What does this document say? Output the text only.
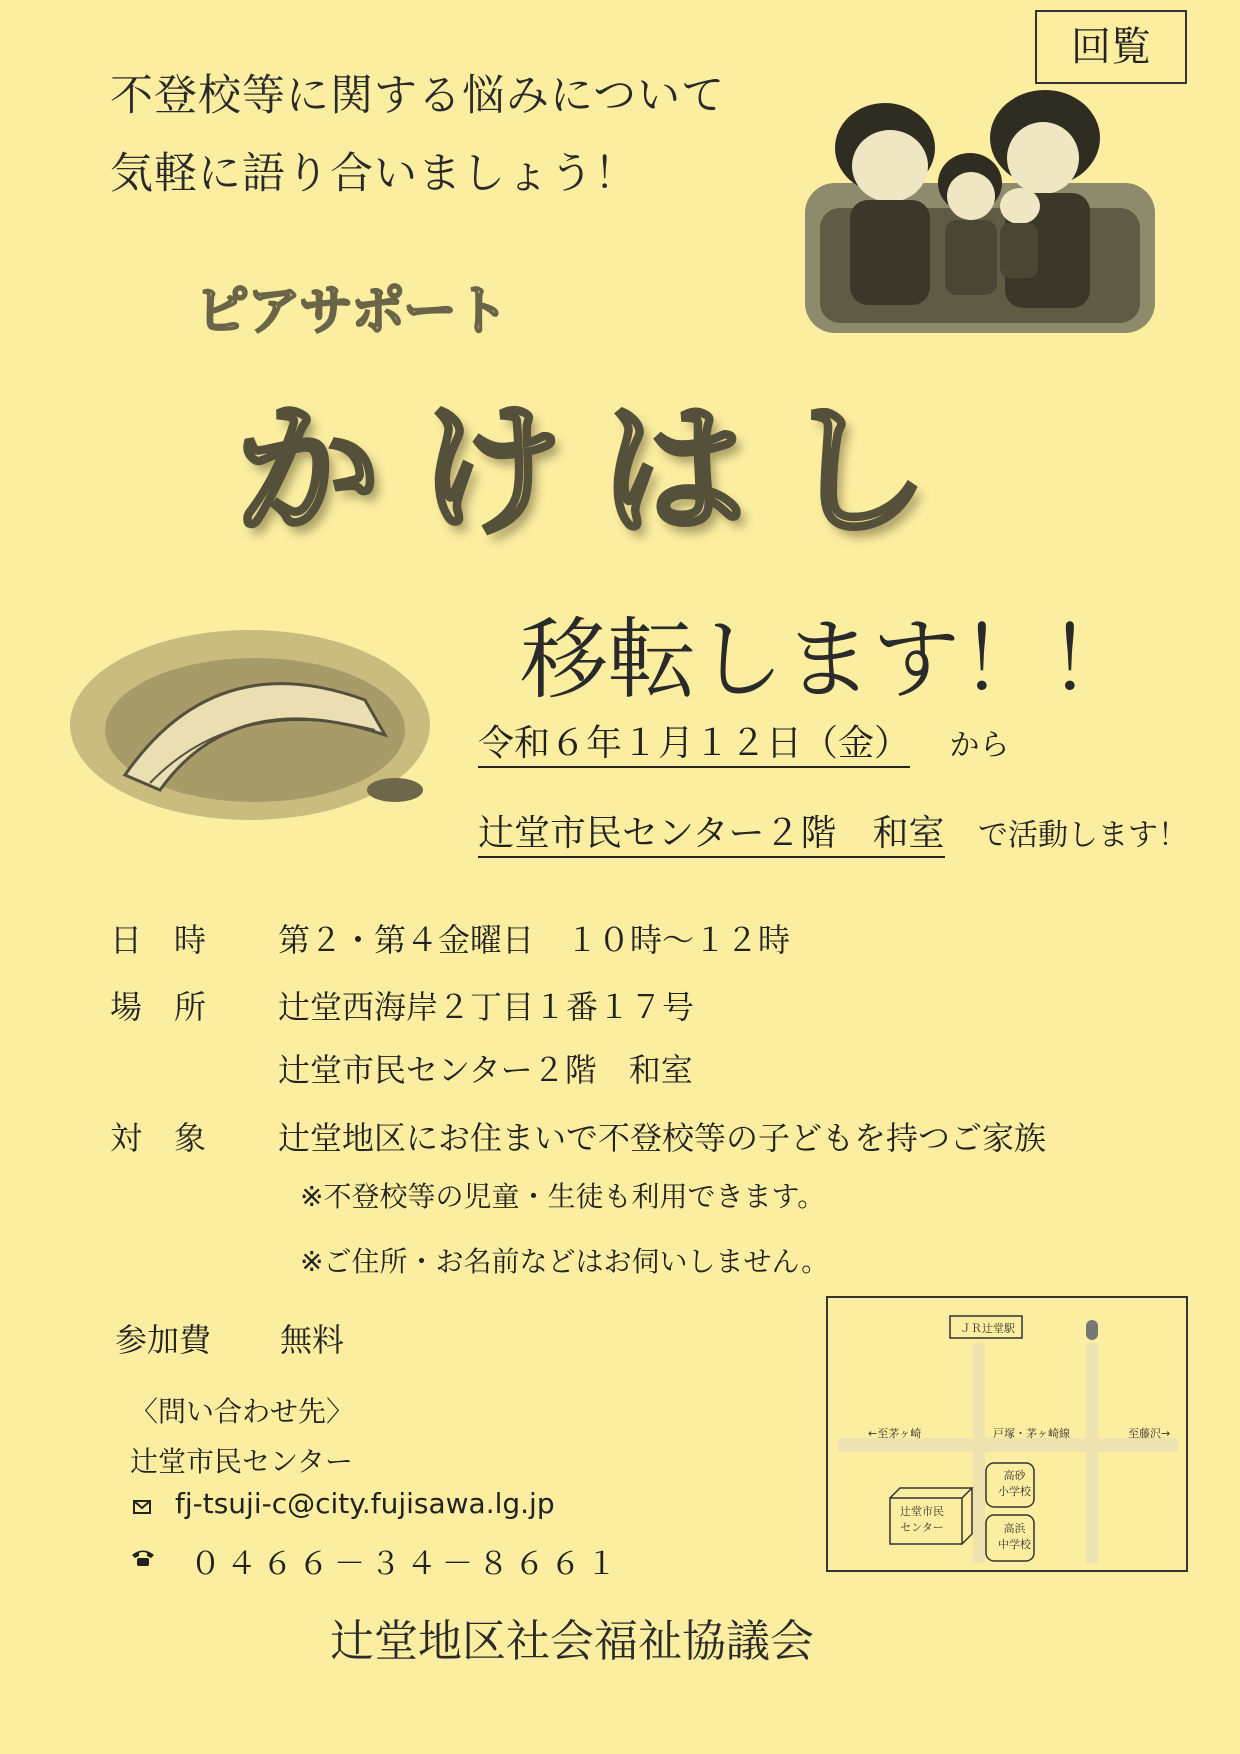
回覧
不登校等に関する悩みについて
気軽に語り合いましょう！
ピアサポート
かけはし
移転します！！
令和６年１月１２日（金） から
辻堂市民センター２階　和室 で活動します！
日　時 第２・第４金曜日　１０時～１２時
場　所 辻堂西海岸２丁目１番１７号
辻堂市民センター２階　和室
対　象 辻堂地区にお住まいで不登校等の子どもを持つご家族
※不登校等の児童・生徒も利用できます。
※ご住所・お名前などはお伺いしません。
参加費 無料
〈問い合わせ先〉
辻堂市民センター
fj-tsuji-c@city.fujisawa.lg.jp
０４６６－３４－８６６１
ＪＲ辻堂駅
←至茅ヶ崎	戸塚・茅ヶ崎線	至藤沢→
高砂
小学校
高浜
中学校
辻堂市民
センター
辻堂地区社会福祉協議会
